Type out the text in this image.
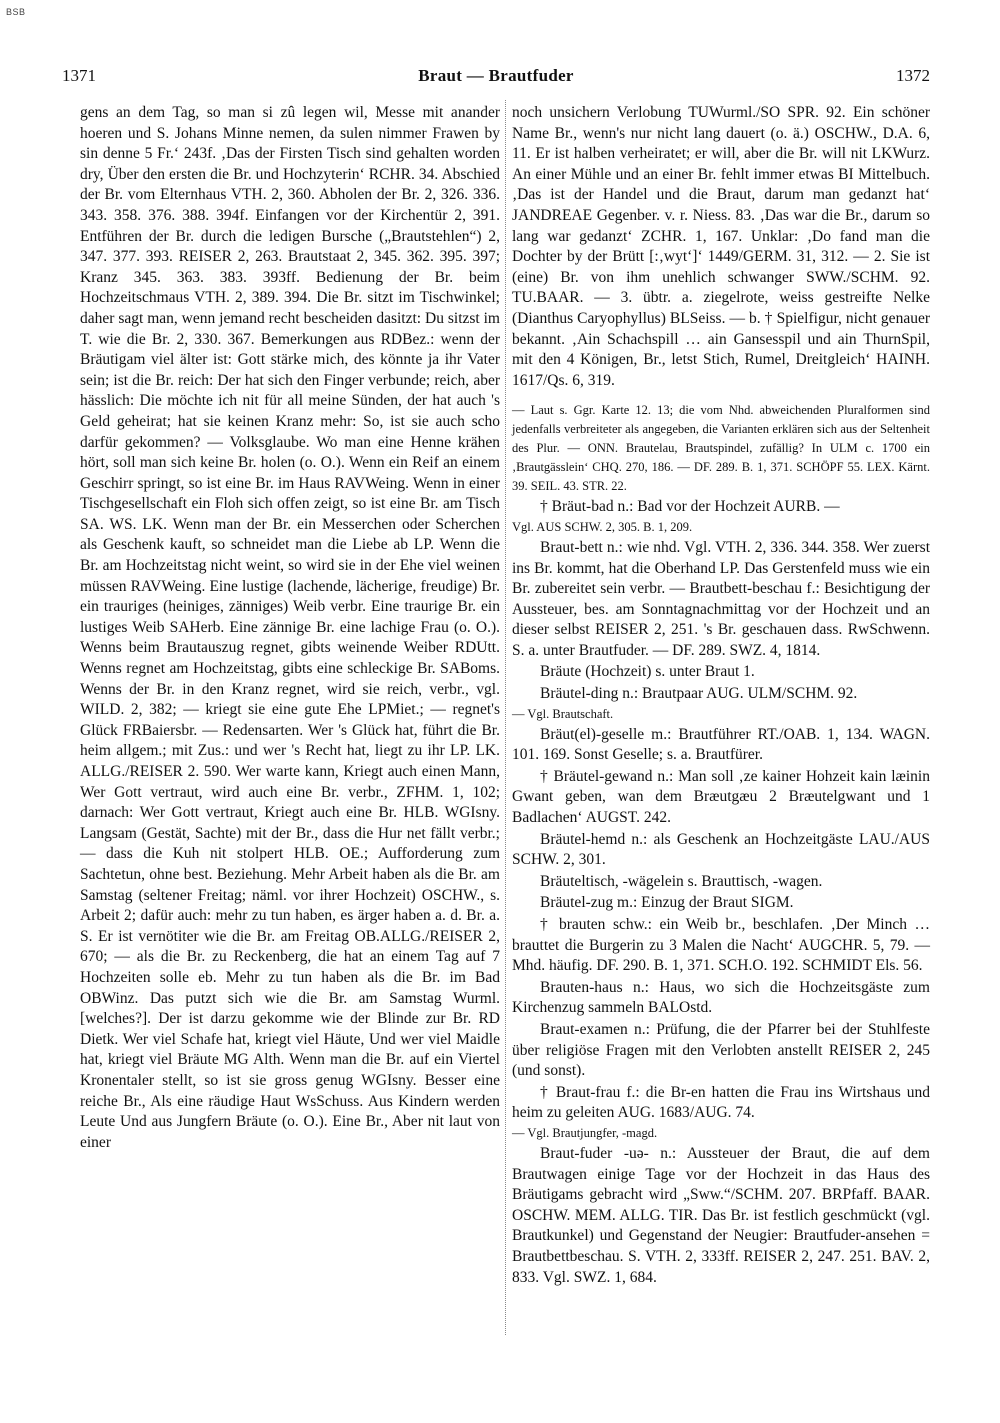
BSB
1371	Braut — Brautfuder	1372

gens an dem Tag, so man si zû legen wil, Messe mit anander hoeren und S. Johans Minne nemen, da sulen nimmer Frawen by sin denne 5 Fr.‘ 243f. ‚Das der Firsten Tisch sind gehalten worden dry, Über den ersten die Br. und Hochzyterin‘ RCHR. 34. Abschied der Br. vom Elternhaus VTH. 2, 360. Abholen der Br. 2, 326. 336. 343. 358. 376. 388. 394f. Einfangen vor der Kirchentür 2, 391. Entführen der Br. durch die ledigen Bursche („Brautstehlen“) 2, 347. 377. 393. REISER 2, 263. Brautstaat 2, 345. 362. 395. 397; Kranz 345. 363. 383. 393ff. Bedienung der Br. beim Hochzeitschmaus VTH. 2, 389. 394. Die Br. sitzt im Tischwinkel; daher sagt man, wenn jemand recht bescheiden dasitzt: Du sitzst im T. wie die Br. 2, 330. 367. Bemerkungen aus RDBez.: wenn der Bräutigam viel älter ist: Gott stärke mich, des könnte ja ihr Vater sein; ist die Br. reich: Der hat sich den Finger verbunde; reich, aber hässlich: Die möchte ich nit für all meine Sünden, der hat auch 's Geld geheirat; hat sie keinen Kranz mehr: So, ist sie auch scho darfür gekommen? — Volksglaube. Wo man eine Henne krähen hört, soll man sich keine Br. holen (o. O.). Wenn ein Reif an einem Geschirr springt, so ist eine Br. im Haus RAVWeing. Wenn in einer Tischgesellschaft ein Floh sich offen zeigt, so ist eine Br. am Tisch SA. WS. LK. Wenn man der Br. ein Messerchen oder Scherchen als Geschenk kauft, so schneidet man die Liebe ab LP. Wenn die Br. am Hochzeitstag nicht weint, so wird sie in der Ehe viel weinen müssen RAVWeing. Eine lustige (lachende, lächerige, freudige) Br. ein trauriges (heiniges, zänniges) Weib verbr. Eine traurige Br. ein lustiges Weib SAHerb. Eine zännige Br. eine lachige Frau (o. O.). Wenns beim Brautauszug regnet, gibts weinende Weiber RDUtt. Wenns regnet am Hochzeitstag, gibts eine schleckige Br. SABoms. Wenns der Br. in den Kranz regnet, wird sie reich, verbr., vgl. WILD. 2, 382; — kriegt sie eine gute Ehe LPMiet.; — regnet's Glück FRBaiersbr. — Redensarten. Wer 's Glück hat, führt die Br. heim allgem.; mit Zus.: und wer 's Recht hat, liegt zu ihr LP. LK. ALLG./REISER 2. 590. Wer warte kann, Kriegt auch einen Mann, Wer Gott vertraut, wird auch eine Br. verbr., ZFHM. 1, 102; darnach: Wer Gott vertraut, Kriegt auch eine Br. HLB. WGIsny. Langsam (Gestät, Sachte) mit der Br., dass die Hur net fällt verbr.; — dass die Kuh nit stolpert HLB. OE.; Aufforderung zum Sachtetun, ohne best. Beziehung. Mehr Arbeit haben als die Br. am Samstag (seltener Freitag; näml. vor ihrer Hochzeit) OSCHW., s. Arbeit 2; dafür auch: mehr zu tun haben, es ärger haben a. d. Br. a. S. Er ist vernötiter wie die Br. am Freitag OB.ALLG./REISER 2, 670; — als die Br. zu Reckenberg, die hat an einem Tag auf 7 Hochzeiten solle eb. Mehr zu tun haben als die Br. im Bad OBWinz. Das putzt sich wie die Br. am Samstag Wurml. [welches?]. Der ist darzu gekomme wie der Blinde zur Br. RD Dietk. Wer viel Schafe hat, kriegt viel Häute, Und wer viel Maidle hat, kriegt viel Bräute MG Alth. Wenn man die Br. auf ein Viertel Kronentaler stellt, so ist sie gross genug WGIsny. Besser eine reiche Br., Als eine räudige Haut WsSchuss. Aus Kindern werden Leute Und aus Jungfern Bräute (o. O.). Eine Br., Aber nit laut von einer

noch unsichern Verlobung TUWurml./SO SPR. 92. Ein schöner Name Br., wenn's nur nicht lang dauert (o. ä.) OSCHW., D.A. 6, 11. Er ist halben verheiratet; er will, aber die Br. will nit LKWurz. An einer Mühle und an einer Br. fehlt immer etwas BI Mittelbuch. ‚Das ist der Handel und die Braut, darum man gedanzt hat‘ JANDREAE Gegenber. v. r. Niess. 83. ‚Das war die Br., darum so lang war gedanzt‘ ZCHR. 1, 167. Unklar: ‚Do fand man die Dochter by der Brütt [:‚wyt‘]‘ 1449/GERM. 31, 312. — 2. Sie ist (eine) Br. von ihm unehlich schwanger SWW./SCHM. 92. TU.BAAR. — 3. übtr. a. ziegelrote, weiss gestreifte Nelke (Dianthus Caryophyllus) BLSeiss. — b. † Spielfigur, nicht genauer bekannt. ‚Ain Schachspill … ain Gansesspil und ain ThurnSpil, mit den 4 Königen, Br., letst Stich, Rumel, Dreitgleich‘ HAINH. 1617/Qs. 6, 319.

— Laut s. Ggr. Karte 12. 13; die vom Nhd. abweichenden Pluralformen sind jedenfalls verbreiteter als angegeben, die Varianten erklären sich aus der Seltenheit des Plur. — ONN. Brautelau, Brautspindel, zufällig? In ULM c. 1700 ein ‚Brautgässlein‘ CHQ. 270, 186. — DF. 289. B. 1, 371. SCHÖPF 55. LEX. Kärnt. 39. SEIL. 43. STR. 22.

† Bräut-bad n.: Bad vor der Hochzeit AURB. —

Vgl. AUS SCHW. 2, 305. B. 1, 209.

Braut-bett n.: wie nhd. Vgl. VTH. 2, 336. 344. 358. Wer zuerst ins Br. kommt, hat die Oberhand LP. Das Gerstenfeld muss wie ein Br. zubereitet sein verbr. — Brautbett-beschau f.: Besichtigung der Aussteuer, bes. am Sonntagnachmittag vor der Hochzeit und an dieser selbst REISER 2, 251. 's Br. geschauen dass. RwSchwenn. S. a. unter Brautfuder. — DF. 289. SWZ. 4, 1814.

Bräute (Hochzeit) s. unter Braut 1.

Bräutel-ding n.: Brautpaar AUG. ULM/SCHM. 92.

— Vgl. Brautschaft.

Bräut(el)-geselle m.: Brautführer RT./OAB. 1, 134. WAGN. 101. 169. Sonst Geselle; s. a. Brautfürer.

† Bräutel-gewand n.: Man soll ‚ze kainer Hohzeit kain læinin Gwant geben, wan dem Bræutgæu 2 Bræutelgwant und 1 Badlachen‘ AUGST. 242.

Bräutel-hemd n.: als Geschenk an Hochzeitgäste LAU./AUS SCHW. 2, 301.

Bräuteltisch, -wägelein s. Brauttisch, -wagen.

Bräutel-zug m.: Einzug der Braut SIGM.

† brauten schw.: ein Weib br., beschlafen. ‚Der Minch … brauttet die Burgerin zu 3 Malen die Nacht‘ AUGCHR. 5, 79. — Mhd. häufig. DF. 290. B. 1, 371. SCH.O. 192. SCHMIDT Els. 56.

Brauten-haus n.: Haus, wo sich die Hochzeitsgäste zum Kirchenzug sammeln BALOstd.

Braut-examen n.: Prüfung, die der Pfarrer bei der Stuhlfeste über religiöse Fragen mit den Verlobten anstellt REISER 2, 245 (und sonst).

† Braut-frau f.: die Br-en hatten die Frau ins Wirtshaus und heim zu geleiten AUG. 1683/AUG. 74.

— Vgl. Brautjungfer, -magd.

Braut-fuder -uə- n.: Aussteuer der Braut, die auf dem Brautwagen einige Tage vor der Hochzeit in das Haus des Bräutigams gebracht wird „Sww.“/SCHM. 207. BRPfaff. BAAR. OSCHW. MEM. ALLG. TIR. Das Br. ist festlich geschmückt (vgl. Brautkunkel) und Gegenstand der Neugier: Brautfuder-ansehen = Brautbettbeschau. S. VTH. 2, 333ff. REISER 2, 247. 251. BAV. 2, 833. Vgl. SWZ. 1, 684.
